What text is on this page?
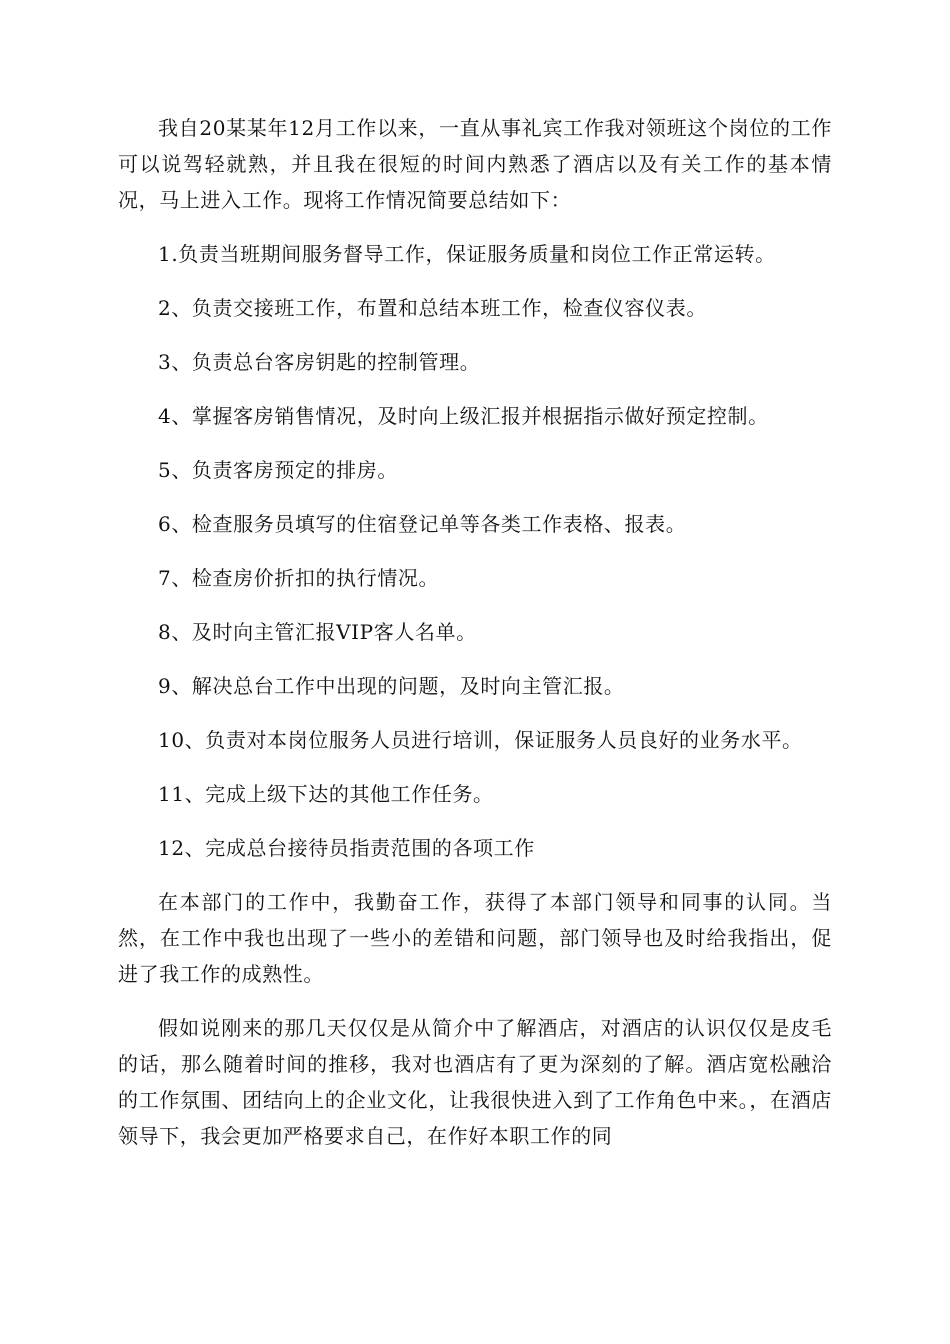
我自20某某年12月工作以来，一直从事礼宾工作我对领班这个岗位的工作可以说驾轻就熟，并且我在很短的时间内熟悉了酒店以及有关工作的基本情况，马上进入工作。现将工作情况简要总结如下：

1.负责当班期间服务督导工作，保证服务质量和岗位工作正常运转。

2、负责交接班工作，布置和总结本班工作，检查仪容仪表。

3、负责总台客房钥匙的控制管理。

4、掌握客房销售情况，及时向上级汇报并根据指示做好预定控制。

5、负责客房预定的排房。

6、检查服务员填写的住宿登记单等各类工作表格、报表。

7、检查房价折扣的执行情况。

8、及时向主管汇报VIP客人名单。

9、解决总台工作中出现的问题，及时向主管汇报。

10、负责对本岗位服务人员进行培训，保证服务人员良好的业务水平。

11、完成上级下达的其他工作任务。

12、完成总台接待员指责范围的各项工作

在本部门的工作中，我勤奋工作，获得了本部门领导和同事的认同。当然，在工作中我也出现了一些小的差错和问题，部门领导也及时给我指出，促进了我工作的成熟性。

假如说刚来的那几天仅仅是从简介中了解酒店，对酒店的认识仅仅是皮毛的话，那么随着时间的推移，我对也酒店有了更为深刻的了解。酒店宽松融洽的工作氛围、团结向上的企业文化，让我很快进入到了工作角色中来。，在酒店领导下，我会更加严格要求自己，在作好本职工作的同
